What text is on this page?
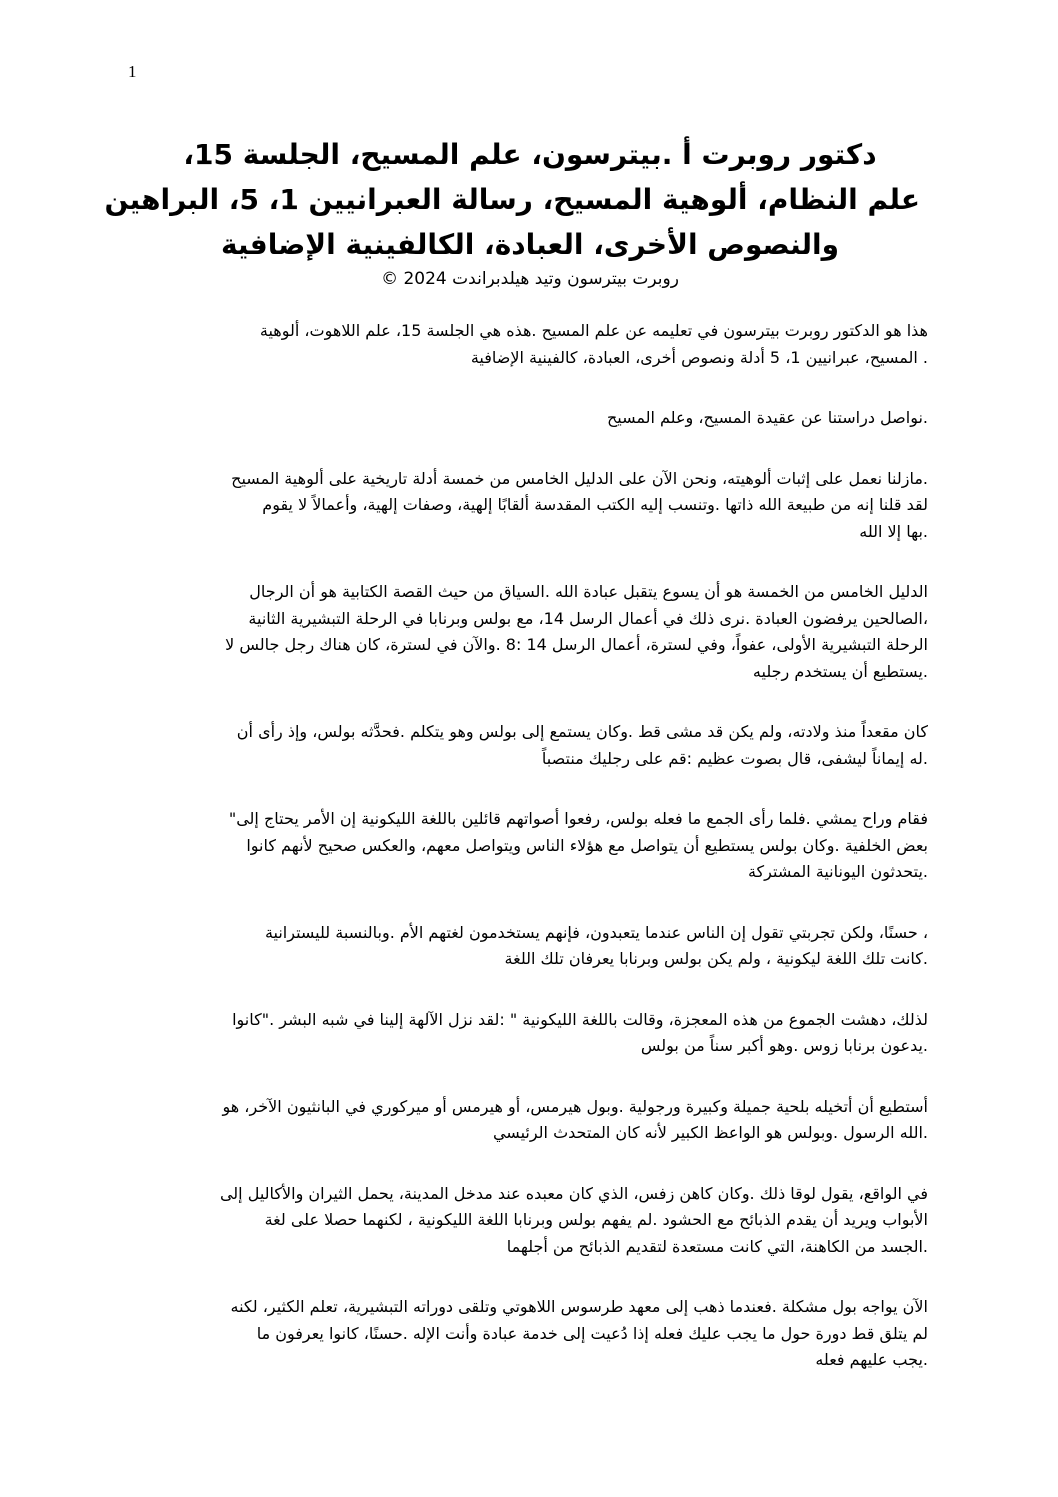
1
دكتور روبرت أ .بيترسون، علم المسيح، الجلسة 15،
علم النظام، ألوهية المسيح، رسالة العبرانيين 1، 5، البراهين
والنصوص الأخرى، العبادة، الكالفينية الإضافية
روبرت بيترسون وتيد هيلدبراندت 2024 ©
هذا هو الدكتور روبرت بيترسون في تعليمه عن علم المسيح .هذه هي الجلسة 15، علم اللاهوت، ألوهية
. المسيح، عبرانيين 1، 5 أدلة ونصوص أخرى، العبادة، كالفينية الإضافية
.نواصل دراستنا عن عقيدة المسيح، وعلم المسيح
.مازلنا نعمل على إثبات ألوهيته، ونحن الآن على الدليل الخامس من خمسة أدلة تاريخية على ألوهية المسيح
لقد قلنا إنه من طبيعة الله ذاتها .وتنسب إليه الكتب المقدسة ألقابًا إلهية، وصفات إلهية، وأعمالاً لا يقوم
.بها إلا الله
الدليل الخامس من الخمسة هو أن يسوع يتقبل عبادة الله .السياق من حيث القصة الكتابية هو أن الرجال
،الصالحين يرفضون العبادة .نرى ذلك في أعمال الرسل 14، مع بولس وبرنابا في الرحلة التبشيرية الثانية
الرحلة التبشيرية الأولى، عفواً، وفي لسترة، أعمال الرسل 14 :8 .والآن في لسترة، كان هناك رجل جالس لا
.يستطيع أن يستخدم رجليه
كان مقعداً منذ ولادته، ولم يكن قد مشى قط .وكان يستمع إلى بولس وهو يتكلم .فحدَّثه بولس، وإذ رأى أن
.له إيماناً ليشفى، قال بصوت عظيم :قم على رجليك منتصباً
فقام وراح يمشي .فلما رأى الجمع ما فعله بولس، رفعوا أصواتهم قائلين باللغة الليكونية إن الأمر يحتاج إلى"
بعض الخلفية .وكان بولس يستطيع أن يتواصل مع هؤلاء الناس ويتواصل معهم، والعكس صحيح لأنهم كانوا
.يتحدثون اليونانية المشتركة
، حسنًا، ولكن تجربتي تقول إن الناس عندما يتعبدون، فإنهم يستخدمون لغتهم الأم .وبالنسبة لليسترانية
.كانت تلك اللغة ليكونية ، ولم يكن بولس وبرنابا يعرفان تلك اللغة
لذلك، دهشت الجموع من هذه المعجزة، وقالت باللغة الليكونية " :لقد نزل الآلهة إلينا في شبه البشر ."كانوا
.يدعون برنابا زوس .وهو أكبر سناً من بولس
أستطيع أن أتخيله بلحية جميلة وكبيرة ورجولية .وبول هيرمس، أو هيرمس أو ميركوري في البانثيون الآخر، هو
.الله الرسول .وبولس هو الواعظ الكبير لأنه كان المتحدث الرئيسي
في الواقع، يقول لوقا ذلك .وكان كاهن زفس، الذي كان معبده عند مدخل المدينة، يحمل الثيران والأكاليل إلى
الأبواب ويريد أن يقدم الذبائح مع الحشود .لم يفهم بولس وبرنابا اللغة الليكونية ، لكنهما حصلا على لغة
.الجسد من الكاهنة، التي كانت مستعدة لتقديم الذبائح من أجلهما
الآن يواجه بول مشكلة .فعندما ذهب إلى معهد طرسوس اللاهوتي وتلقى دوراته التبشيرية، تعلم الكثير، لكنه
لم يتلق قط دورة حول ما يجب عليك فعله إذا دُعيت إلى خدمة عبادة وأنت الإله .حسنًا، كانوا يعرفون ما
.يجب عليهم فعله
